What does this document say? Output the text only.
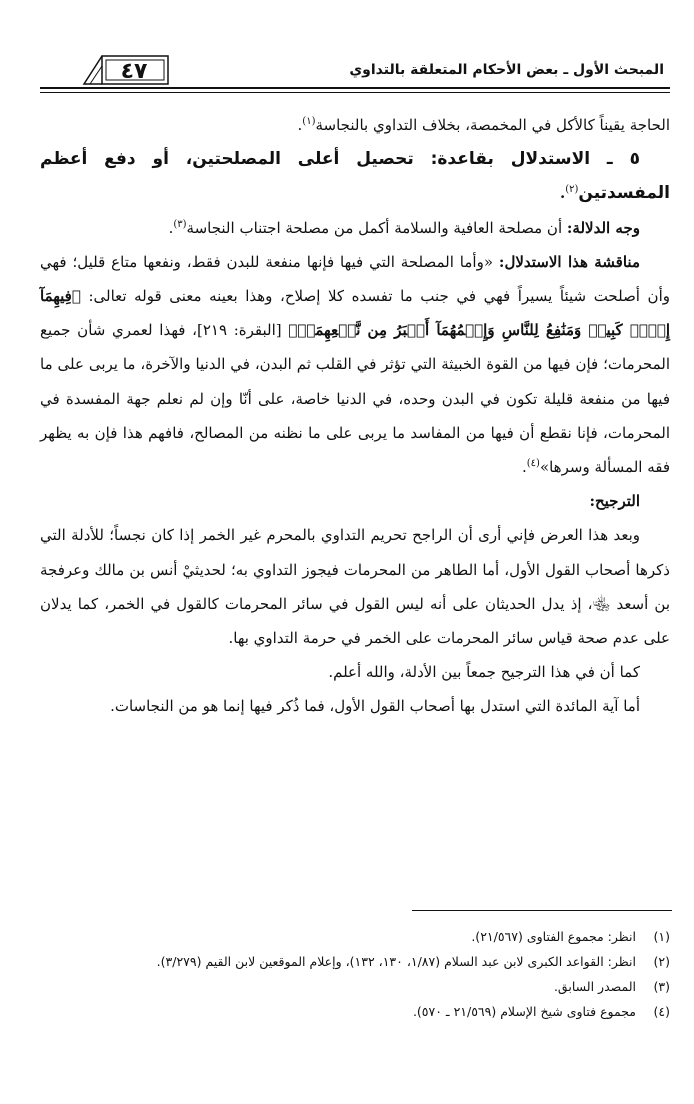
المبحث الأول ـ بعض الأحكام المتعلقة بالتداوي
٤٧

الحاجة يقيناً كالأكل في المخمصة، بخلاف التداوي بالنجاسة$^{(١)}$.

٥ ـ الاستدلال بقاعدة: تحصيل أعلى المصلحتين، أو دفع أعظم المفسدتين$^{(٢)}$.

وجه الدلالة: أن مصلحة العافية والسلامة أكمل من مصلحة اجتناب النجاسة$^{(٣)}$.

مناقشة هذا الاستدلال: «وأما المصلحة التي فيها فإنها منفعة للبدن فقط، ونفعها متاع قليل؛ فهي وأن أصلحت شيئاً يسيراً فهي في جنب ما تفسده كلا إصلاح، وهذا بعينه معنى قوله تعالى: ﴿فِيهِمَآ إِثۡمٞ كَبِيرٞ وَمَنَٰفِعُ لِلنَّاسِ وَإِثۡمُهُمَآ أَكۡبَرُ مِن نَّفۡعِهِمَاۗ﴾ [البقرة: ٢١٩]، فهذا لعمري شأن جميع المحرمات؛ فإن فيها من القوة الخبيثة التي تؤثر في القلب ثم البدن، في الدنيا والآخرة، ما يربى على ما فيها من منفعة قليلة تكون في البدن وحده، في الدنيا خاصة، على أنّا وإن لم نعلم جهة المفسدة في المحرمات، فإنا نقطع أن فيها من المفاسد ما يربى على ما نظنه من المصالح، فافهم هذا فإن به يظهر فقه المسألة وسرها»$^{(٤)}$.

الترجيح:

وبعد هذا العرض فإني أرى أن الراجح تحريم التداوي بالمحرم غير الخمر إذا كان نجساً؛ للأدلة التي ذكرها أصحاب القول الأول، أما الطاهر من المحرمات فيجوز التداوي به؛ لحديثيْ أنس بن مالك وعرفجة بن أسعد ﵄، إذ يدل الحديثان على أنه ليس القول في سائر المحرمات كالقول في الخمر، كما يدلان على عدم صحة قياس سائر المحرمات على الخمر في حرمة التداوي بها.

كما أن في هذا الترجيح جمعاً بين الأدلة، والله أعلم.

أما آية المائدة التي استدل بها أصحاب القول الأول، فما ذُكر فيها إنما هو من النجاسات.

(١)
انظر: مجموع الفتاوى (٢١/٥٦٧).
(٢)
انظر: القواعد الكبرى لابن عبد السلام (١/٨٧، ١٣٠، ١٣٢)، وإعلام الموقعين لابن القيم (٣/٢٧٩).
(٣)
المصدر السابق.
(٤)
مجموع فتاوى شيخ الإسلام (٢١/٥٦٩ ـ ٥٧٠).
